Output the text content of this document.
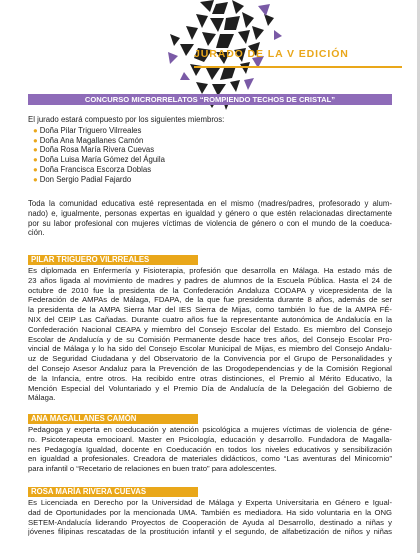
JURADO DE LA V EDICIÓN
CONCURSO MICRORRELATOS “ROMPIENDO TECHOS DE CRISTAL”
El jurado estará compuesto por los siguientes miembros:
● Doña Pilar Triguero Vilrreales
● Doña Ana Magallanes Camón
● Doña Rosa María Rivera Cuevas
● Doña Luisa María Gómez del Águila
● Doña Francisca Escorza Doblas
● Don Sergio Padial Fajardo
Toda la comunidad educativa esté representada en el mismo (madres/padres, profesorado y alum-
nado) e, igualmente, personas expertas en igualdad y género o que estén relacionadas directamente
por su labor profesional con mujeres víctimas de violencia de género o con el mundo de la coeduca-
ción.
PILAR TRIGUERO VILRREALES
Es diplomada en Enfermería y Fisioterapia, profesión que desarrolla en Málaga. Ha estado más de
23 años ligada al movimiento de madres y padres de alumnos de la Escuela Pública. Hasta el 24 de
octubre de 2010 fue la presidenta de la Confederación Andaluza CODAPA y vicepresidenta de la
Federación de AMPAs de Málaga, FDAPA, de la que fue presidenta durante 8 años, además de ser
la presidenta de la AMPA Sierra Mar del IES Sierra de Mijas, como también lo fue de la AMPA FÉ-
NIX del CEIP Las Cañadas. Durante cuatro años fue la representante autonómica de Andalucía en la
Confederación Nacional CEAPA y miembro del Consejo Escolar del Estado. Es miembro del Consejo
Escolar de Andalucía y de su Comisión Permanente desde hace tres años, del Consejo Escolar Pro-
vincial de Málaga y lo ha sido del Consejo Escolar Municipal de Mijas, es miembro del Consejo Andalu-
uz de Seguridad Ciudadana y del Observatorio de la Convivencia por el Grupo de Personalidades y
del Consejo Asesor Andaluz para la Prevención de las Drogodependencias y de la Comisión Regional
de la Infancia, entre otros. Ha recibido entre otras distinciones, el Premio al Mérito Educativo, la
Mención Especial del Voluntariado y el Premio Día de Andalucía de la Delegación del Gobierno de
Málaga.
ANA MAGALLANES CAMÓN
Pedagoga y experta en coeducación y atención psicológica a mujeres víctimas de violencia de géne-
ro. Psicoterapeuta emocioanl. Master en Psicología, educación y desarrollo. Fundadora de Magalla-
nes Pedagogía Igualdad, docente en Coeducación en todos los niveles educativos y sensibilización
en igualdad a profesionales. Creadora de materiales didácticos, como “Las aventuras del Minicornio”
para infantil o “Recetario de relaciones en buen trato” para adolescentes.
ROSA MARÍA RIVERA CUEVAS
Es Licenciada en Derecho por la Universidad de Málaga y Experta Universitaria en Género e Igual-
dad de Oportunidades por la mencionada UMA. También es mediadora. Ha sido voluntaria en la ONG
SETEM-Andalucía liderando Proyectos de Cooperación de Ayuda al Desarrollo, destinado a niñas y
jóvenes filipinas rescatadas de la prostitución infantil y el segundo, de alfabetización de niños y niñas
